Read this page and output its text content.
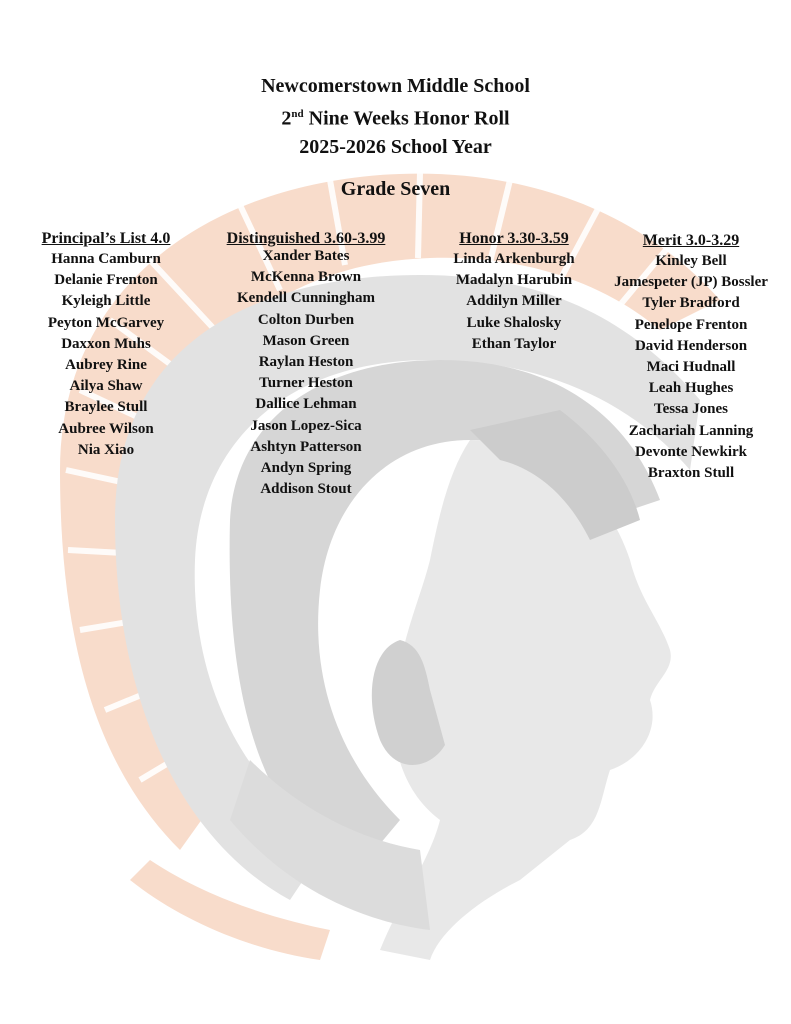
Newcomerstown Middle School
2nd Nine Weeks Honor Roll
2025-2026 School Year
Grade Seven
Principal’s List 4.0
Hanna Camburn
Delanie Frenton
Kyleigh Little
Peyton McGarvey
Daxxon Muhs
Aubrey Rine
Ailya Shaw
Braylee Stull
Aubree Wilson
Nia Xiao
Distinguished 3.60-3.99
Xander Bates
McKenna Brown
Kendell Cunningham
Colton Durben
Mason Green
Raylan Heston
Turner Heston
Dallice Lehman
Jason Lopez-Sica
Ashtyn Patterson
Andyn Spring
Addison Stout
Honor 3.30-3.59
Linda Arkenburgh
Madalyn Harubin
Addilyn Miller
Luke Shalosky
Ethan Taylor
Merit 3.0-3.29
Kinley Bell
Jamespeter (JP) Bossler
Tyler Bradford
Penelope Frenton
David Henderson
Maci Hudnall
Leah Hughes
Tessa Jones
Zachariah Lanning
Devonte Newkirk
Braxton Stull
